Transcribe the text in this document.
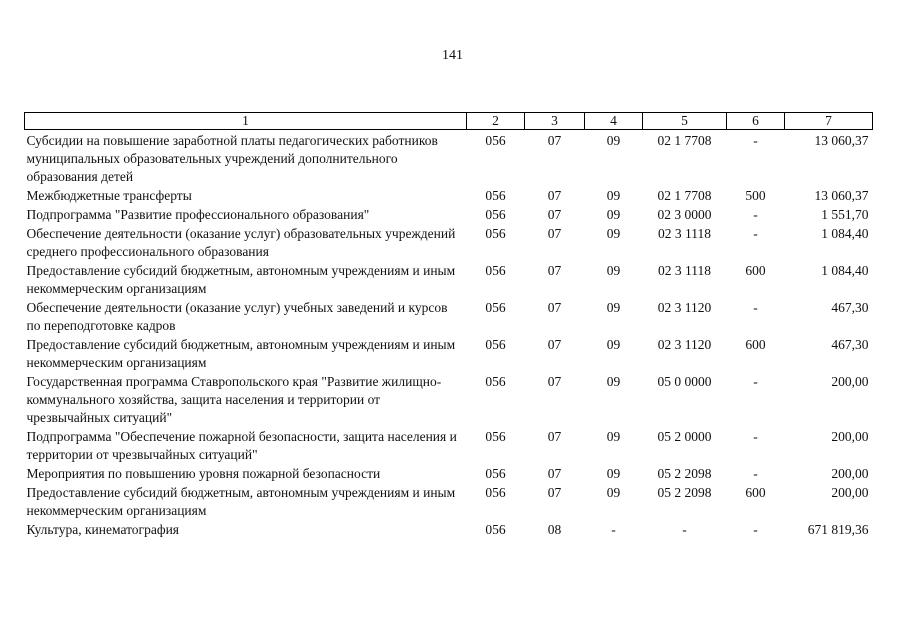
141
1	2	3	4	5	6	7
Субсидии на повышение заработной платы педагогических работников муниципальных образовательных учреждений дополнительного образования детей	056	07	09	02 1 7708	-	13 060,37
Межбюджетные трансферты	056	07	09	02 1 7708	500	13 060,37
Подпрограмма "Развитие профессионального образования"	056	07	09	02 3 0000	-	1 551,70
Обеспечение деятельности (оказание услуг) образовательных учреждений среднего профессионального образования	056	07	09	02 3 1118	-	1 084,40
Предоставление субсидий бюджетным, автономным учреждениям и иным некоммерческим организациям	056	07	09	02 3 1118	600	1 084,40
Обеспечение деятельности (оказание услуг) учебных заведений и курсов по переподготовке кадров	056	07	09	02 3 1120	-	467,30
Предоставление субсидий бюджетным, автономным учреждениям и иным некоммерческим организациям	056	07	09	02 3 1120	600	467,30
Государственная программа Ставропольского края "Развитие жилищно-коммунального хозяйства, защита населения и территории от чрезвычайных ситуаций"	056	07	09	05 0 0000	-	200,00
Подпрограмма "Обеспечение пожарной безопасности, защита населения и территории от чрезвычайных ситуаций"	056	07	09	05 2 0000	-	200,00
Мероприятия по повышению уровня пожарной безопасности	056	07	09	05 2 2098	-	200,00
Предоставление субсидий бюджетным, автономным учреждениям и иным некоммерческим организациям	056	07	09	05 2 2098	600	200,00
Культура, кинематография	056	08	-	-	-	671 819,36
